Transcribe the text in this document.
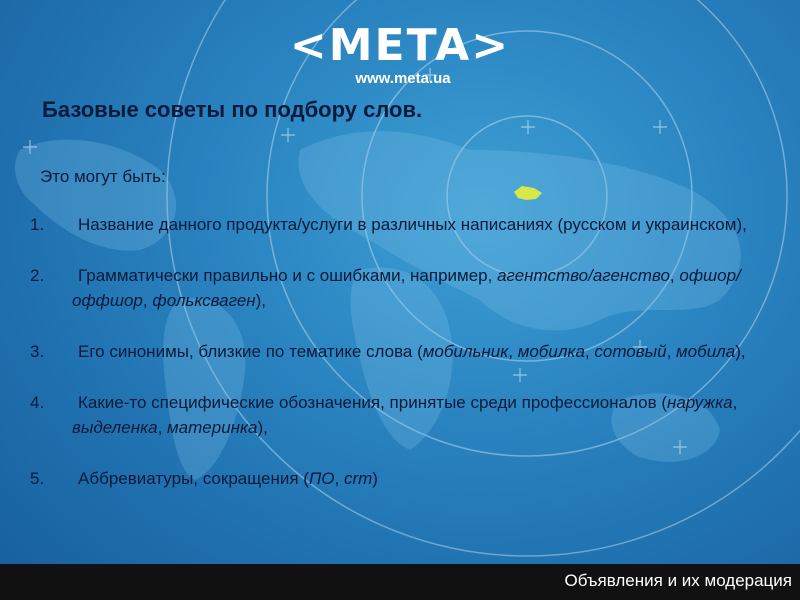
<META>
www.meta.ua
Базовые советы по подбору слов.
Это могут быть:
1. Название данного продукта/услуги в различных написаниях (русском и украинском),
2. Грамматически правильно и с ошибками, например, агентство/агенство, офшор/оффшор, фольксваген),
3. Его синонимы, близкие по тематике слова (мобильник, мобилка, сотовый, мобила),
4. Какие-то специфические обозначения, принятые среди профессионалов (наружка, выделенка, материнка),
5. Аббревиатуры, сокращения (ПО, crm)
Объявления и их модерация
